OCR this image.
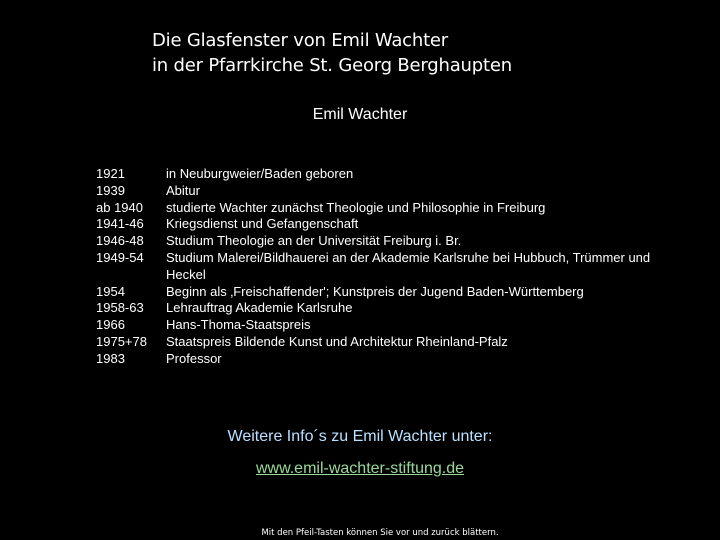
Die Glasfenster von Emil Wachter
in der Pfarrkirche St. Georg Berghaupten
Emil Wachter
1921	in Neuburgweier/Baden geboren
1939	Abitur
ab 1940	studierte Wachter zunächst Theologie und Philosophie in Freiburg
1941-46	Kriegsdienst und Gefangenschaft
1946-48	Studium Theologie an der Universität Freiburg i. Br.
1949-54	Studium Malerei/Bildhauerei an der Akademie Karlsruhe bei Hubbuch, Trümmer und Heckel
1954	Beginn als ‚Freischaffender'; Kunstpreis der Jugend Baden-Württemberg
1958-63	Lehrauftrag Akademie Karlsruhe
1966	Hans-Thoma-Staatspreis
1975+78	Staatspreis Bildende Kunst und Architektur Rheinland-Pfalz
1983	Professor
Weitere Info´s zu Emil Wachter unter:
www.emil-wachter-stiftung.de
Mit den Pfeil-Tasten können Sie vor und zurück blättern.
